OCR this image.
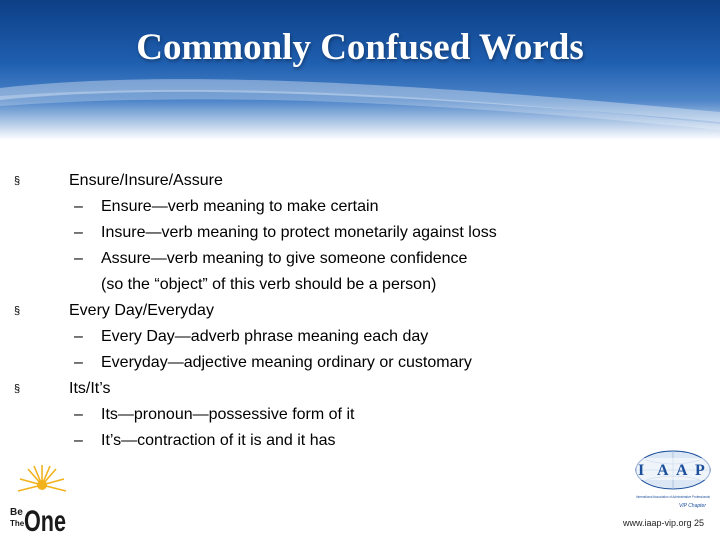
Commonly Confused Words
§	Ensure/Insure/Assure
– Ensure—verb meaning to make certain
– Insure—verb meaning to protect monetarily against loss
– Assure—verb meaning to give someone confidence
(so the “object” of this verb should be a person)
§	Every Day/Everyday
– Every Day—adverb phrase meaning each day
– Everyday—adjective meaning ordinary or customary
§	Its/It’s
– Its—pronoun—possessive form of it
– It’s—contraction of it is and it has
Be
The One
I A A P
International Association of Administrative Professionals
VIP Chapter
www.iaap-vip.org 25
